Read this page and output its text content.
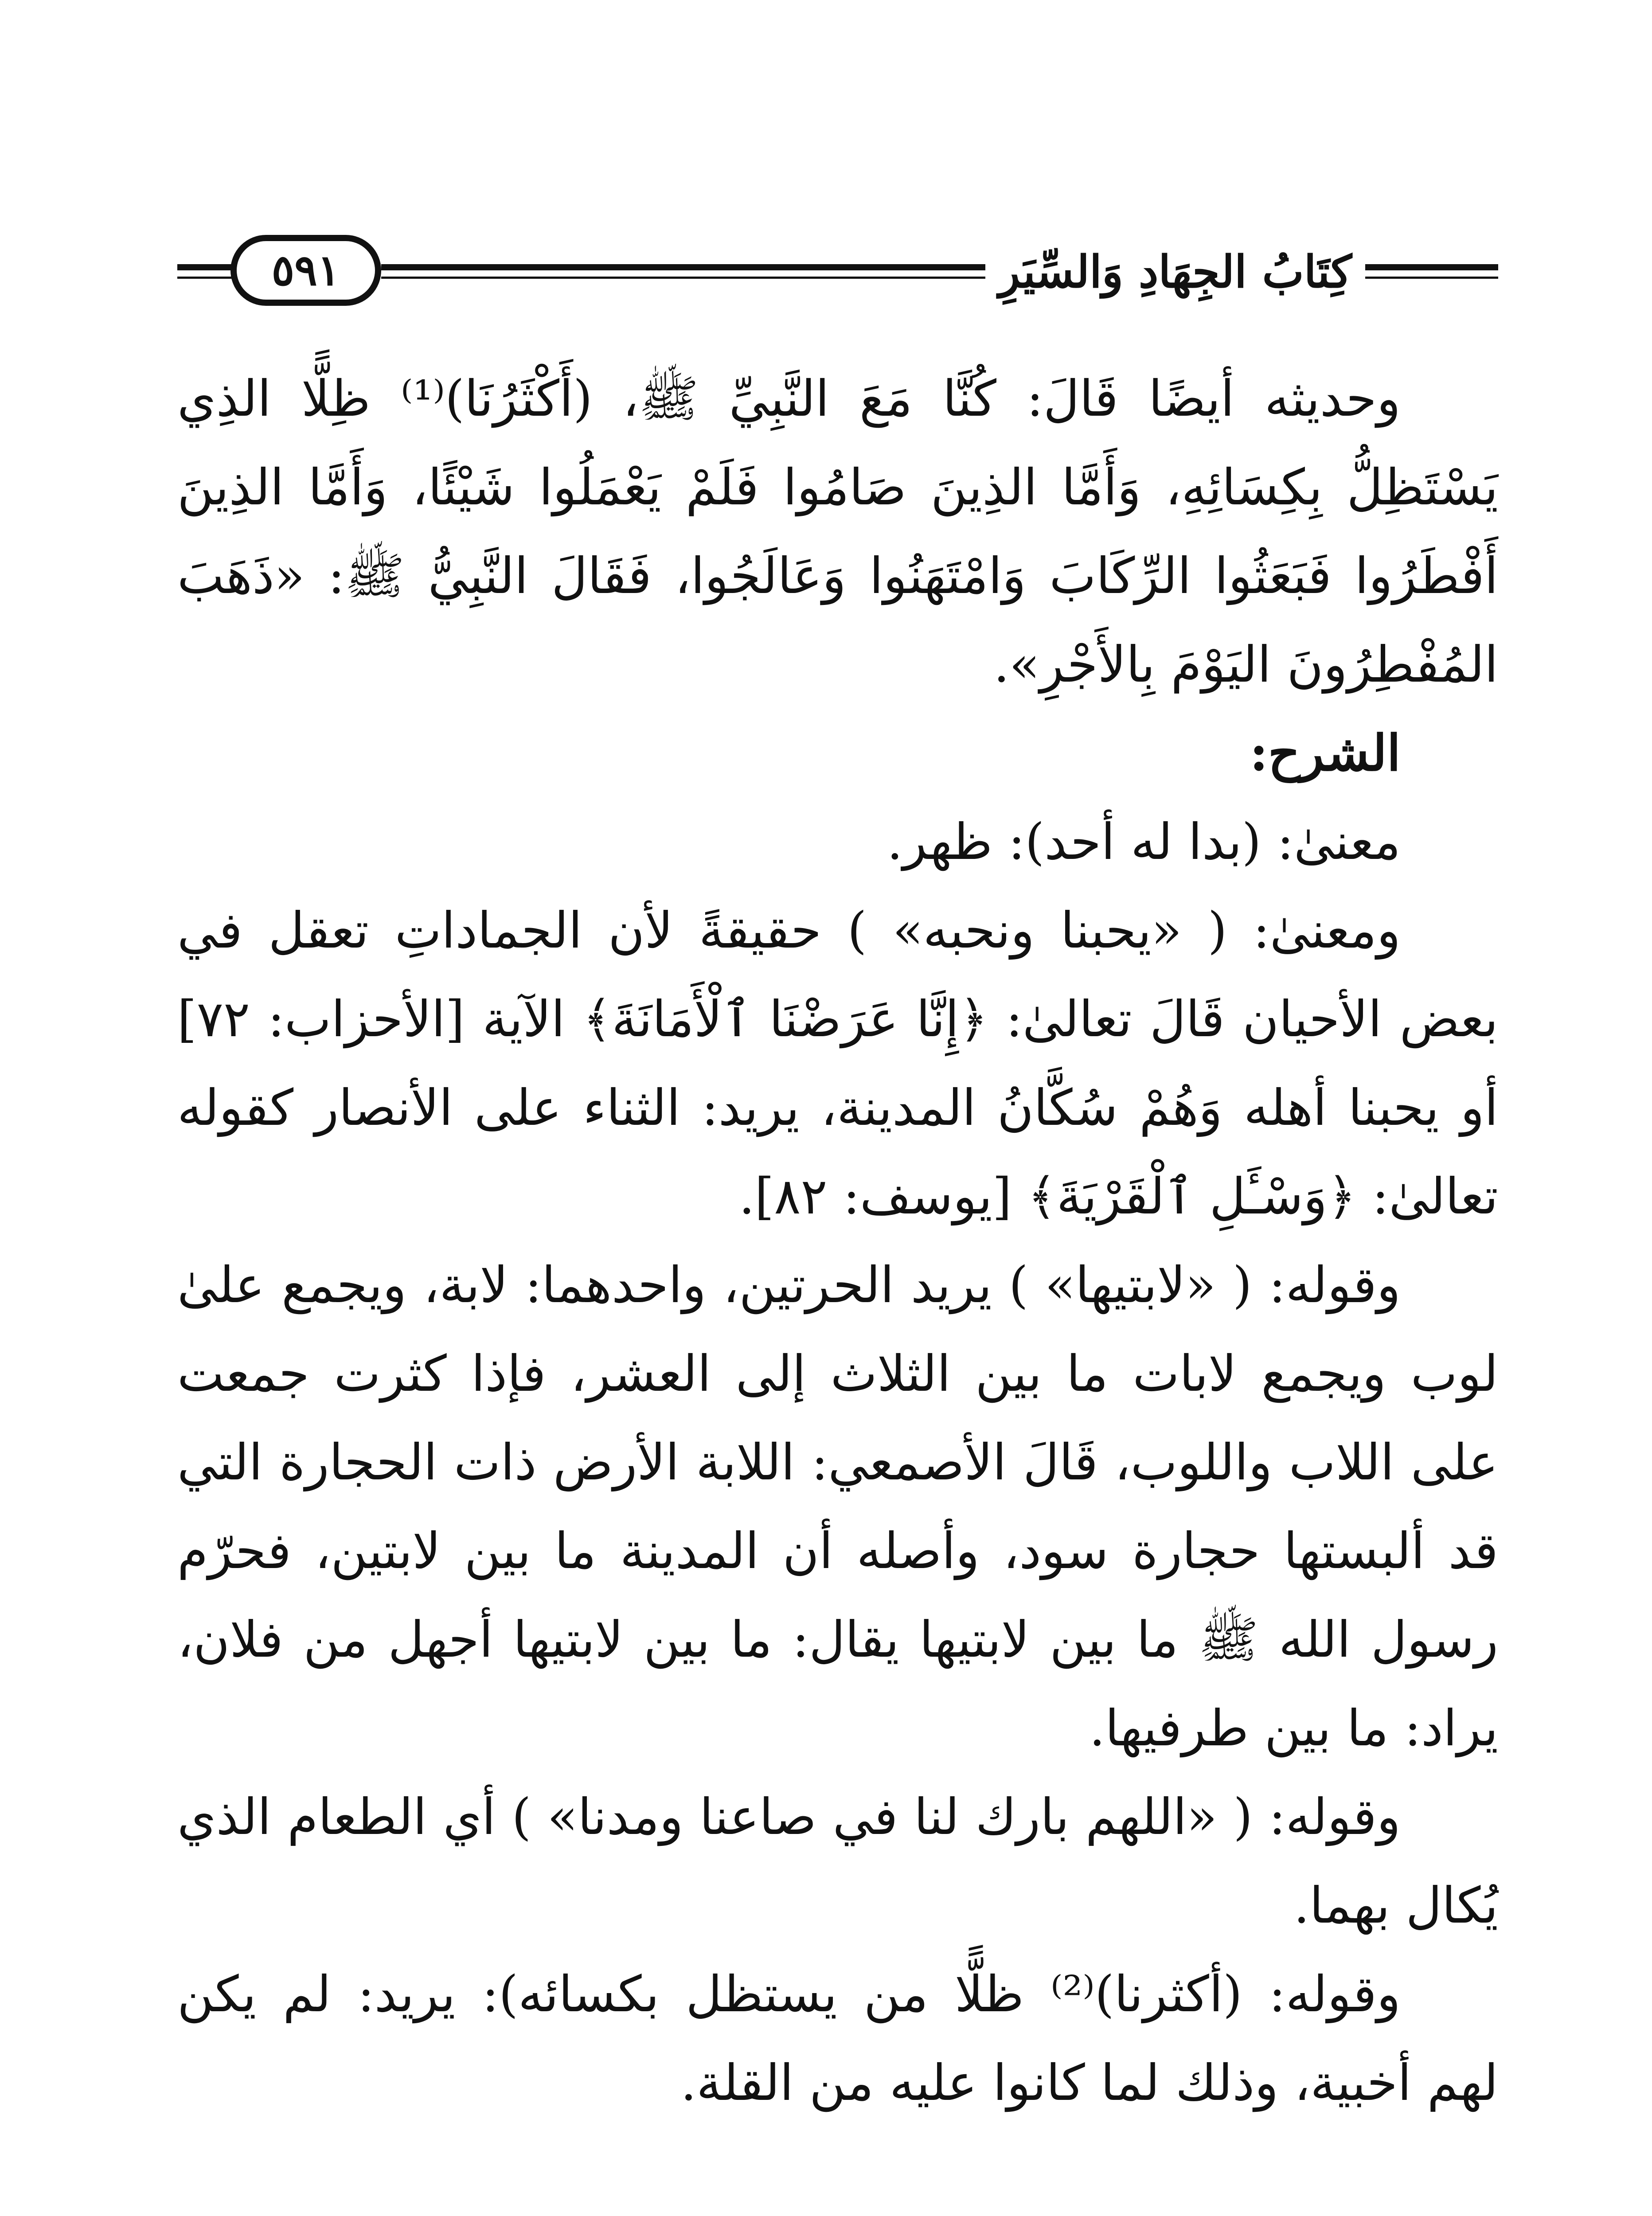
كِتَابُ الجِهَادِ وَالسِّيَرِ
٥٩١

وحديثه أيضًا قَالَ: كُنَّا مَعَ النَّبِيِّ ﷺ، (أَكْثَرُنَا)⁽¹⁾ ظِلًّا الذِي يَسْتَظِلُّ بِكِسَائِهِ، وَأَمَّا الذِينَ صَامُوا فَلَمْ يَعْمَلُوا شَيْئًا، وَأَمَّا الذِينَ أَفْطَرُوا فَبَعَثُوا الرِّكَابَ وَامْتَهَنُوا وَعَالَجُوا، فَقَالَ النَّبِيُّ ﷺ: «ذَهَبَ المُفْطِرُونَ اليَوْمَ بِالأَجْرِ».

الشرح:

معنىٰ: (بدا له أحد): ظهر.

ومعنىٰ: ( «يحبنا ونحبه» ) حقيقةً لأن الجماداتِ تعقل في بعض الأحيان قَالَ تعالىٰ: ﴿إِنَّا عَرَضْنَا ٱلْأَمَانَةَ﴾ الآية [الأحزاب: ٧٢] أو يحبنا أهله وَهُمْ سُكَّانُ المدينة، يريد: الثناء على الأنصار كقوله تعالىٰ: ﴿وَسْـَٔلِ ٱلْقَرْيَةَ﴾ [يوسف: ٨٢].

وقوله: ( «لابتيها» ) يريد الحرتين، واحدهما: لابة، ويجمع علىٰ لوب ويجمع لابات ما بين الثلاث إلى العشر، فإذا كثرت جمعت على اللاب واللوب، قَالَ الأصمعي: اللابة الأرض ذات الحجارة التي قد ألبستها حجارة سود، وأصله أن المدينة ما بين لابتين، فحرّم رسول الله ﷺ ما بين لابتيها يقال: ما بين لابتيها أجهل من فلان، يراد: ما بين طرفيها.

وقوله: ( «اللهم بارك لنا في صاعنا ومدنا» ) أي الطعام الذي يُكال بهما.

وقوله: (أكثرنا)⁽²⁾ ظلًّا من يستظل بكسائه): يريد: لم يكن لهم أخبية، وذلك لما كانوا عليه من القلة.
